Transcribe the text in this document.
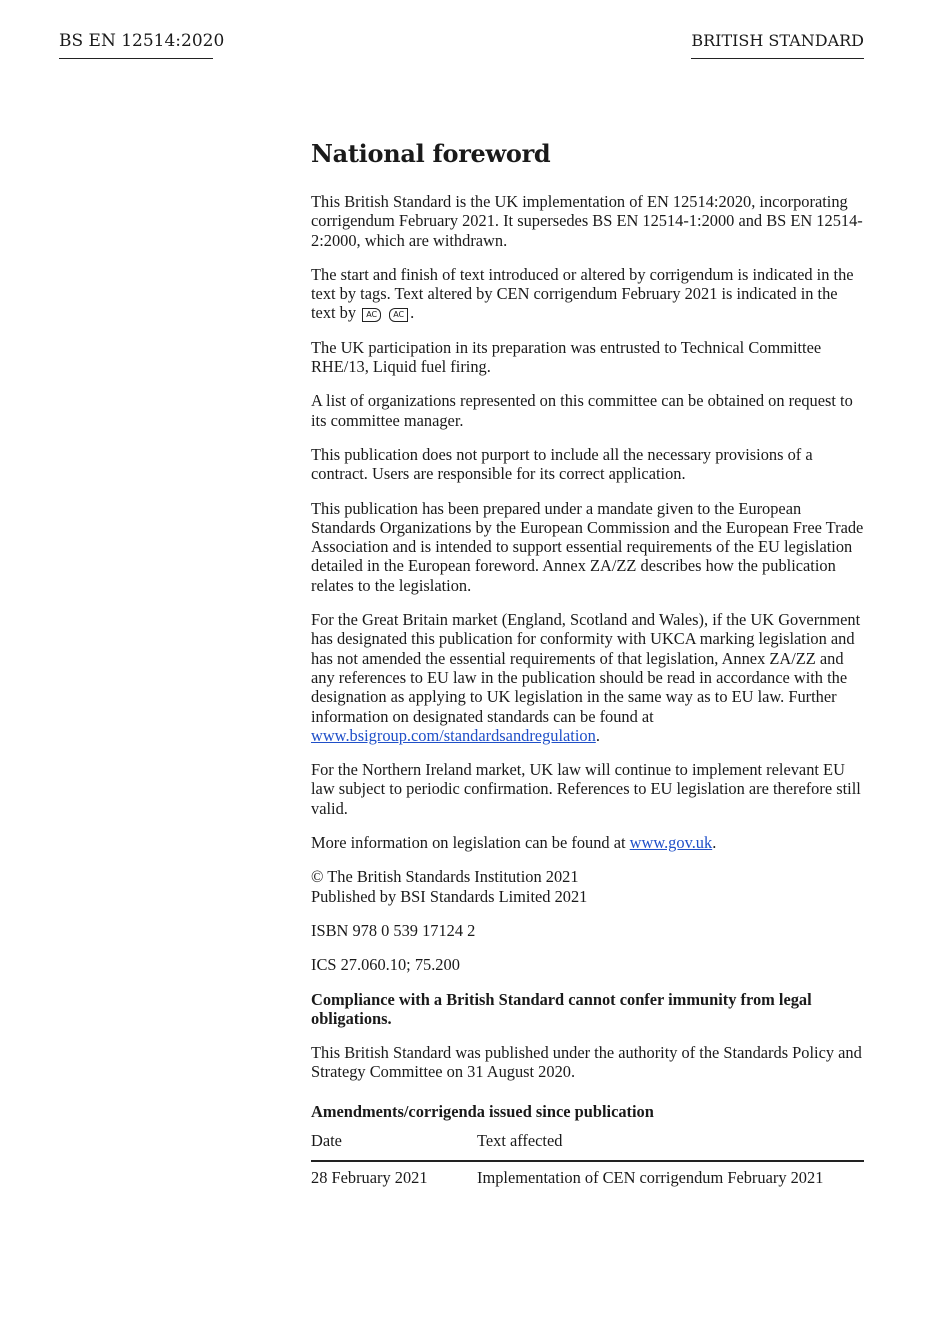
BS EN 12514:2020	BRITISH STANDARD
National foreword

This British Standard is the UK implementation of EN 12514:2020, incorporating corrigendum February 2021. It supersedes BS EN 12514-1:2000 and BS EN 12514-2:2000, which are withdrawn.

The start and finish of text introduced or altered by corrigendum is indicated in the text by tags. Text altered by CEN corrigendum February 2021 is indicated in the text by AC AC .

The UK participation in its preparation was entrusted to Technical Committee RHE/13, Liquid fuel firing.

A list of organizations represented on this committee can be obtained on request to its committee manager.

This publication does not purport to include all the necessary provisions of a contract. Users are responsible for its correct application.

This publication has been prepared under a mandate given to the European Standards Organizations by the European Commission and the European Free Trade Association and is intended to support essential requirements of the EU legislation detailed in the European foreword. Annex ZA/ZZ describes how the publication relates to the legislation.

For the Great Britain market (England, Scotland and Wales), if the UK Government has designated this publication for conformity with UKCA marking legislation and has not amended the essential requirements of that legislation, Annex ZA/ZZ and any references to EU law in the publication should be read in accordance with the designation as applying to UK legislation in the same way as to EU law. Further information on designated standards can be found at www.bsigroup.com/standardsandregulation.

For the Northern Ireland market, UK law will continue to implement relevant EU law subject to periodic confirmation. References to EU legislation are therefore still valid.

More information on legislation can be found at www.gov.uk.

© The British Standards Institution 2021
Published by BSI Standards Limited 2021

ISBN 978 0 539 17124 2

ICS 27.060.10; 75.200

Compliance with a British Standard cannot confer immunity from legal obligations.

This British Standard was published under the authority of the Standards Policy and Strategy Committee on 31 August 2020.

Amendments/corrigenda issued since publication
Date	Text affected
28 February 2021	Implementation of CEN corrigendum February 2021
